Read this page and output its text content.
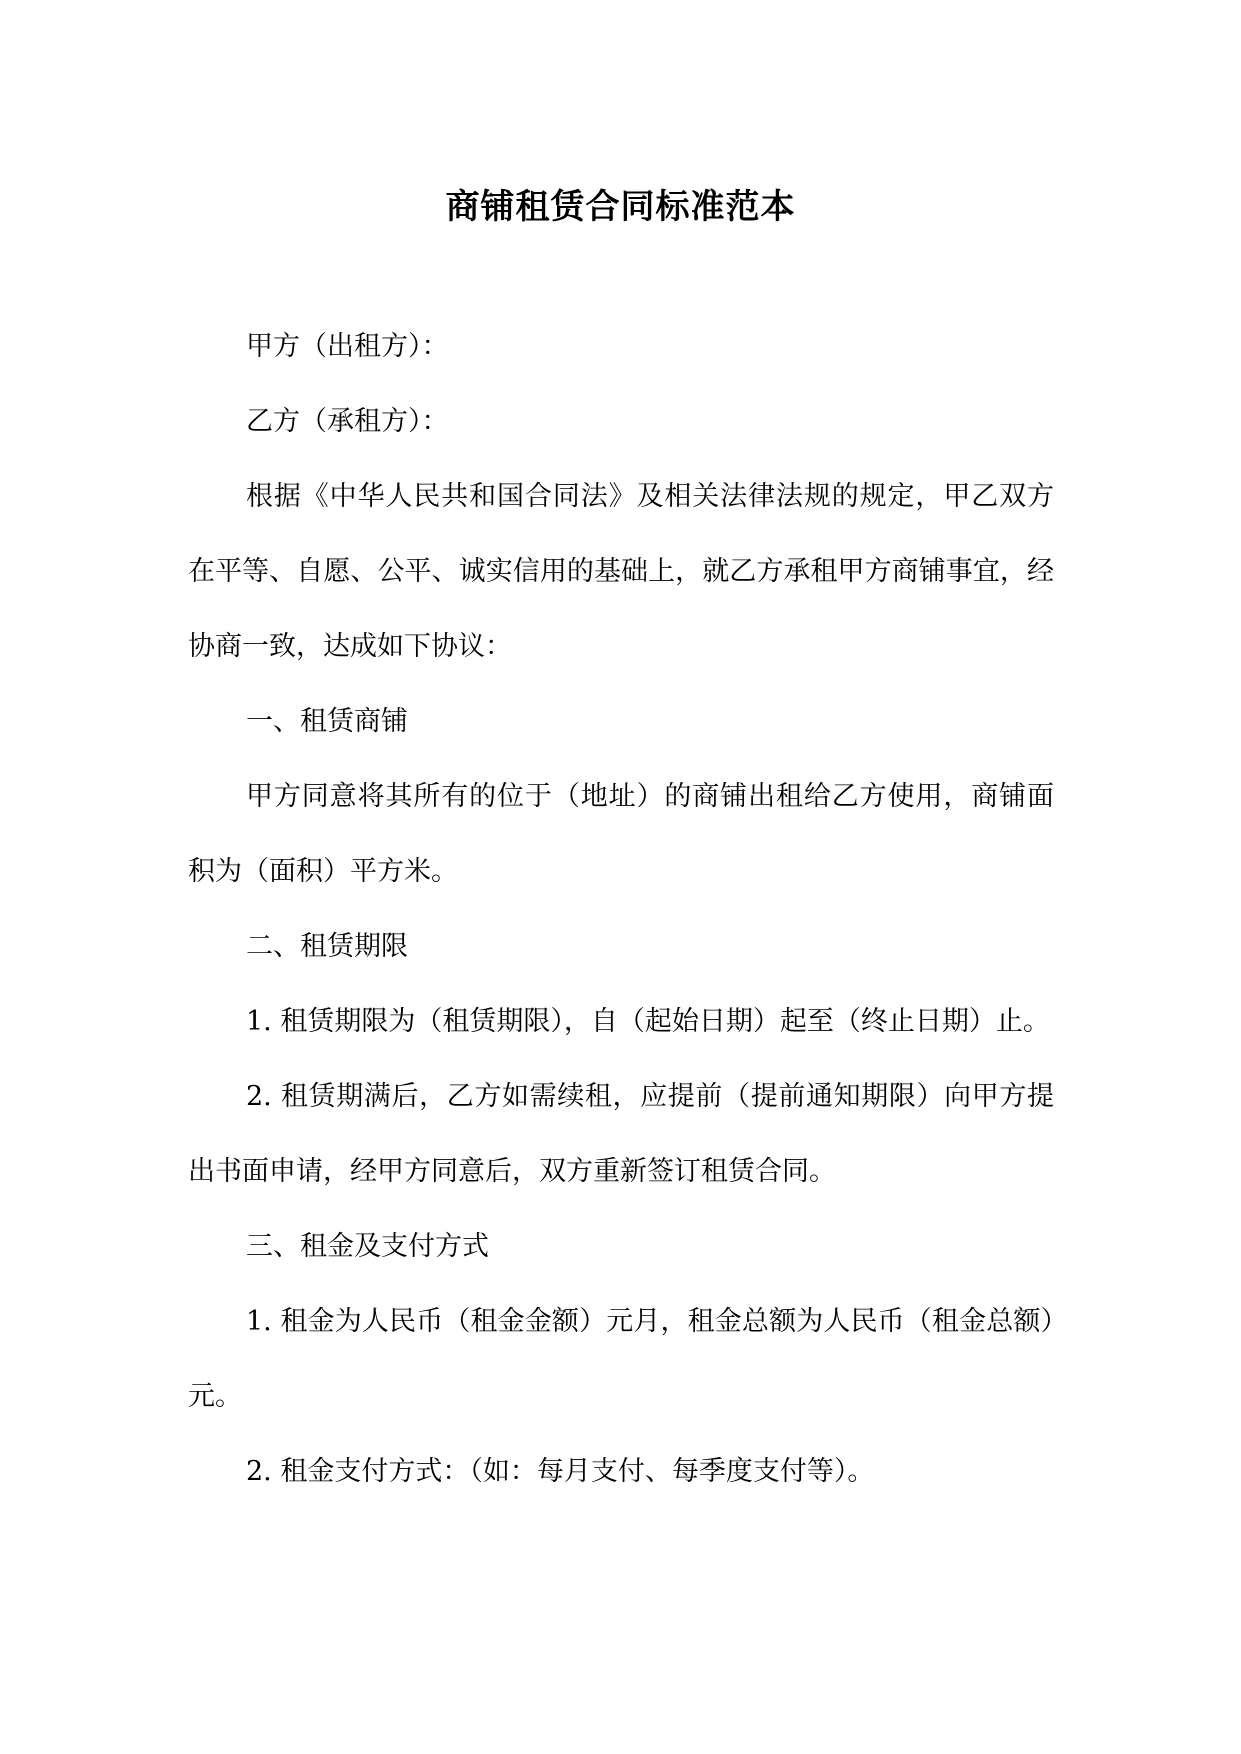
商铺租赁合同标准范本

甲方（出租方）：

乙方（承租方）：

根据《中华人民共和国合同法》及相关法律法规的规定，甲乙双方在平等、自愿、公平、诚实信用的基础上，就乙方承租甲方商铺事宜，经协商一致，达成如下协议：

一、租赁商铺

甲方同意将其所有的位于（地址）的商铺出租给乙方使用，商铺面积为（面积）平方米。

二、租赁期限

1. 租赁期限为（租赁期限），自（起始日期）起至（终止日期）止。

2. 租赁期满后，乙方如需续租，应提前（提前通知期限）向甲方提出书面申请，经甲方同意后，双方重新签订租赁合同。

三、租金及支付方式

1. 租金为人民币（租金金额）元月，租金总额为人民币（租金总额）元。

2. 租金支付方式：（如：每月支付、每季度支付等）。
